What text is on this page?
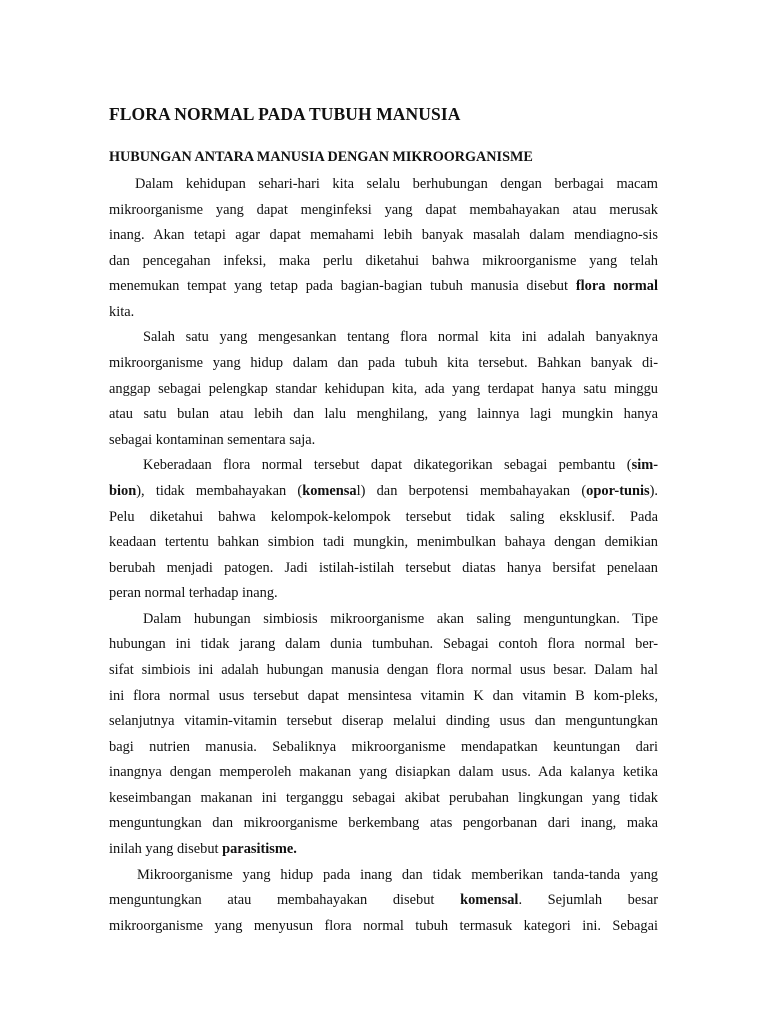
FLORA NORMAL PADA TUBUH MANUSIA
HUBUNGAN ANTARA MANUSIA DENGAN MIKROORGANISME
Dalam kehidupan sehari-hari kita selalu berhubungan dengan berbagai macam
mikroorganisme yang dapat menginfeksi yang dapat membahayakan atau merusak
inang. Akan tetapi agar dapat memahami lebih banyak masalah dalam mendiagno-sis
dan pencegahan infeksi, maka perlu diketahui bahwa mikroorganisme yang telah
menemukan tempat yang tetap pada bagian-bagian tubuh manusia disebut flora normal
kita.
Salah satu yang mengesankan tentang flora normal kita ini adalah banyaknya
mikroorganisme yang hidup dalam dan pada tubuh kita tersebut. Bahkan banyak di-
anggap sebagai pelengkap standar kehidupan kita, ada yang terdapat hanya satu minggu
atau satu bulan atau lebih dan lalu menghilang, yang lainnya lagi mungkin hanya
sebagai kontaminan sementara saja.
Keberadaan flora normal tersebut dapat dikategorikan sebagai pembantu (sim-
bion), tidak membahayakan (komensal) dan berpotensi membahayakan (opor-tunis).
Pelu diketahui bahwa kelompok-kelompok tersebut tidak saling eksklusif. Pada
keadaan tertentu bahkan simbion tadi mungkin, menimbulkan bahaya dengan demikian
berubah menjadi patogen. Jadi istilah-istilah tersebut diatas hanya bersifat penelaan
peran normal terhadap inang.
Dalam hubungan simbiosis mikroorganisme akan saling menguntungkan. Tipe
hubungan ini tidak jarang dalam dunia tumbuhan. Sebagai contoh flora normal ber-
sifat simbiois ini adalah hubungan manusia dengan flora normal usus besar. Dalam hal
ini flora normal usus tersebut dapat mensintesa vitamin K dan vitamin B kom-pleks,
selanjutnya vitamin-vitamin tersebut diserap melalui dinding usus dan menguntungkan
bagi nutrien manusia. Sebaliknya mikroorganisme mendapatkan keuntungan dari
inangnya dengan memperoleh makanan yang disiapkan dalam usus. Ada kalanya ketika
keseimbangan makanan ini terganggu sebagai akibat perubahan lingkungan yang tidak
menguntungkan dan mikroorganisme berkembang atas pengorbanan dari inang, maka
inilah yang disebut parasitisme.
Mikroorganisme yang hidup pada inang dan tidak memberikan tanda-tanda yang
menguntungkan atau membahayakan disebut komensal. Sejumlah besar
mikroorganisme yang menyusun flora normal tubuh termasuk kategori ini. Sebagai
